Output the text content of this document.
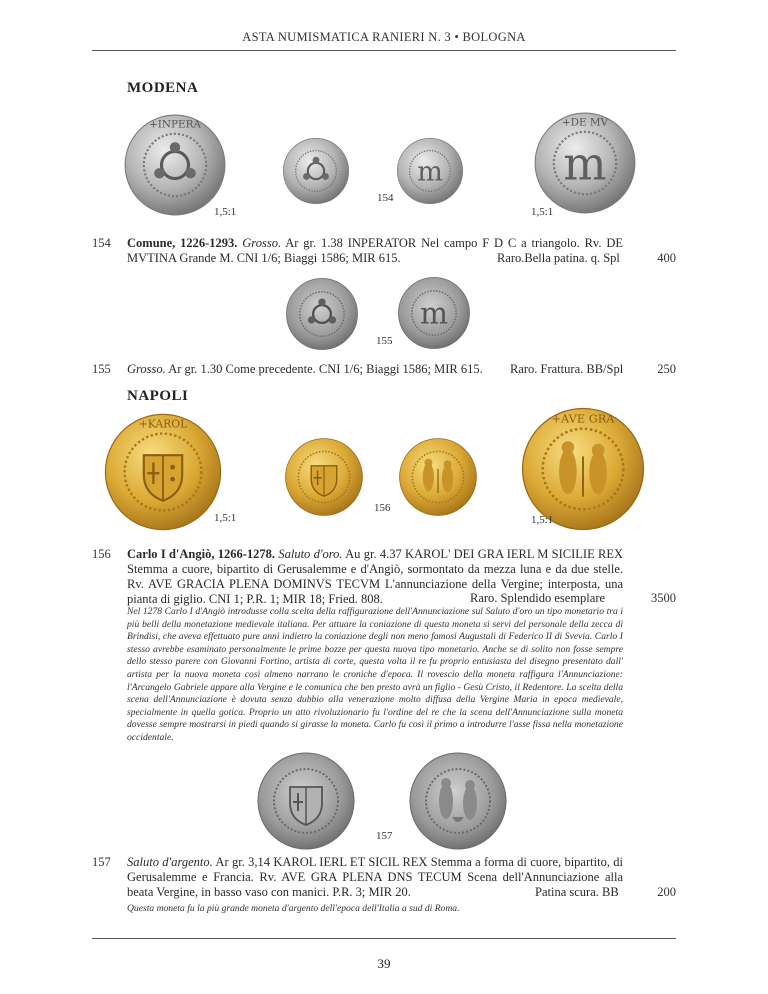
ASTA NUMISMATICA RANIERI N. 3 • BOLOGNA
MODENA
+ΙNPERA
m	m
+DE MV
154
1,5:1	1,5:1
154 Comune, 1226-1293. Grosso. Ar gr. 1.38 INPERATOR Nel campo F D C a triangolo. Rv. DE MVTINA Grande M. CNI 1/6; Biaggi 1586; MIR 615.	Raro.Bella patina. q. Spl	400
m
155
155 Grosso. Ar gr. 1.30 Come precedente. CNI 1/6; Biaggi 1586; MIR 615.	Raro. Frattura. BB/Spl	250
NAPOLI
+KAROL	+AVE GRA
156
1,5:1	1,5:1
156 Carlo I d'Angiò, 1266-1278. Saluto d'oro. Au gr. 4.37 KAROL' DEI GRA IERL M SICILIE REX Stemma a cuore, bipartito di Gerusalemme e d'Angiò, sormontato da mezza luna e da due stelle. Rv. AVE GRACIA PLENA DOMINVS TECVM L'annunciazione della Vergine; interposta, una pianta di giglio. CNI 1; P.R. 1; MIR 18; Fried. 808.	Raro. Splendido esemplare	3500
Nel 1278 Carlo I d'Angiò introdusse colla scelta della raffigurazione dell'Annunciazione sul Saluto d'oro un tipo monetario tra i più belli della monetazione medievale italiana. Per attuare la coniazione di questa moneta si servì del personale della zecca di Brindisi, che aveva effettuato pure anni indietro la coniazione degli non meno famosi Augustali di Federico II di Svevia. Carlo I stesso avrebbe esaminato personalmente le prime bozze per questa nuova tipo monetario. Anche se di solito non fosse sempre dello stesso parere con Giovanni Fortino, artista di corte, questa volta il re fu proprio entusiasta del disegno presentato dall' artista per la nuova moneta così almeno narrano le croniche d'epoca. Il rovescio della moneta raffigura l'Annunciazione: l'Arcangelo Gabriele appare alla Vergine e le comunica che ben presto avrà un figlio - Gesù Cristo, il Redentore. La scelta della scena dell'Annunciazione è dovuta senza dubbio alla venerazione molto diffusa della Vergine Maria in epoca medievale, specialmente in quella gotica. Proprio un atto rivoluzionario fu l'ordine del re che la scena dell'Annunciazione sulla moneta dovesse sempre mostrarsi in piedi quando si girasse la moneta. Carlo fu così il primo a introdurre l'asse fissa nella monetazione occidentale.
157
157 Saluto d'argento. Ar gr. 3,14 KAROL IERL ET SICIL REX Stemma a forma di cuore, bipartito, di Gerusalemme e Francia. Rv. AVE GRA PLENA DNS TECUM Scena dell'Annunciazione alla beata Vergine, in basso vaso con manici. P.R. 3; MIR 20.	Patina scura. BB	200
Questa moneta fu la più grande moneta d'argento dell'epoca dell'Italia a sud di Roma.
39
